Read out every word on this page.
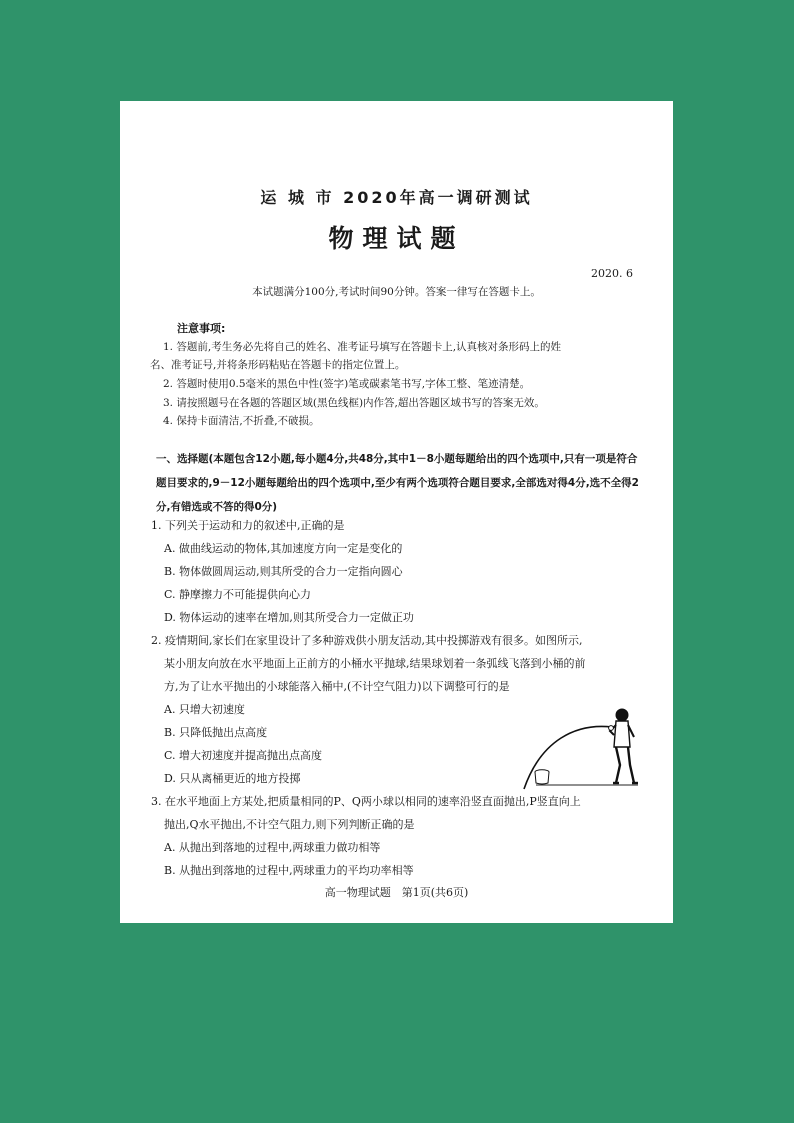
运 城 市 2020年高一调研测试
物理试题
2020. 6
本试题满分100分,考试时间90分钟。答案一律写在答题卡上。
注意事项:
1. 答题前,考生务必先将自己的姓名、准考证号填写在答题卡上,认真核对条形码上的姓
名、准考证号,并将条形码粘贴在答题卡的指定位置上。
2. 答题时使用0.5毫米的黑色中性(签字)笔或碳素笔书写,字体工整、笔迹清楚。
3. 请按照题号在各题的答题区域(黑色线框)内作答,超出答题区域书写的答案无效。
4. 保持卡面清洁,不折叠,不破损。
一、选择题(本题包含12小题,每小题4分,共48分,其中1－8小题每题给出的四个选项中,只有一项是符合题目要求的,9－12小题每题给出的四个选项中,至少有两个选项符合题目要求,全部选对得4分,选不全得2分,有错选或不答的得0分)
1. 下列关于运动和力的叙述中,正确的是
A. 做曲线运动的物体,其加速度方向一定是变化的
B. 物体做圆周运动,则其所受的合力一定指向圆心
C. 静摩擦力不可能提供向心力
D. 物体运动的速率在增加,则其所受合力一定做正功
2. 疫情期间,家长们在家里设计了多种游戏供小朋友活动,其中投掷游戏有很多。如图所示,
某小朋友向放在水平地面上正前方的小桶水平抛球,结果球划着一条弧线飞落到小桶的前
方,为了让水平抛出的小球能落入桶中,(不计空气阻力)以下调整可行的是
A. 只增大初速度
B. 只降低抛出点高度
C. 增大初速度并提高抛出点高度
D. 只从离桶更近的地方投掷
3. 在水平地面上方某处,把质量相同的P、Q两小球以相同的速率沿竖直面抛出,P竖直向上
抛出,Q水平抛出,不计空气阻力,则下列判断正确的是
A. 从抛出到落地的过程中,两球重力做功相等
B. 从抛出到落地的过程中,两球重力的平均功率相等
高一物理试题　第1页(共6页)
